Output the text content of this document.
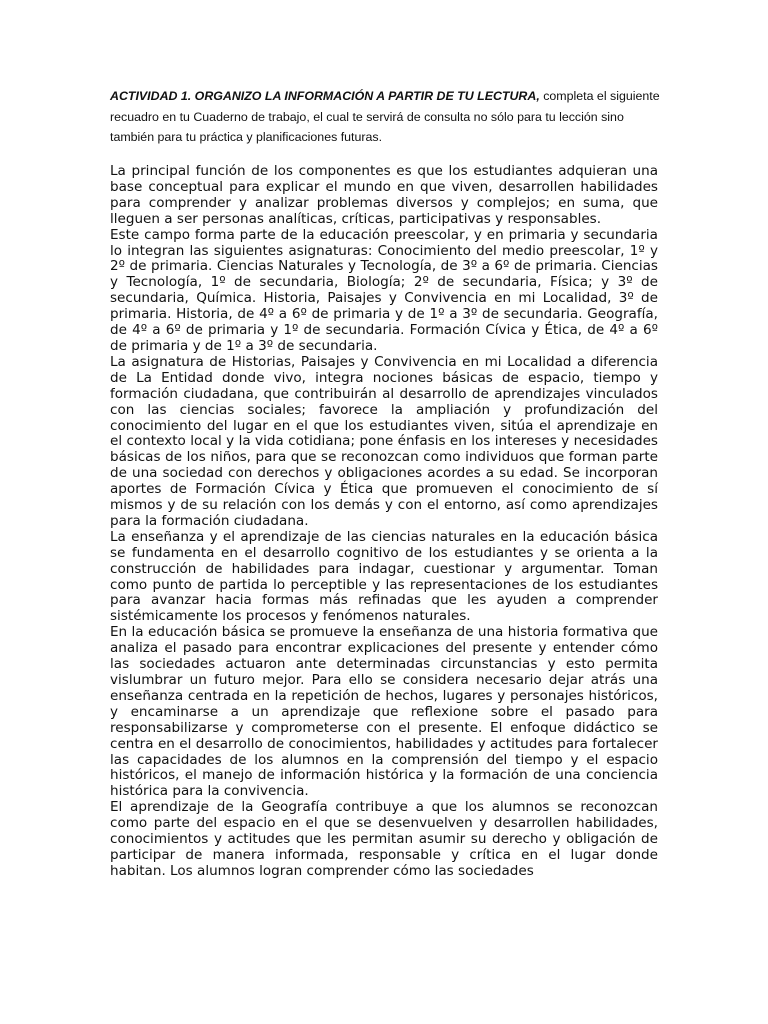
ACTIVIDAD 1. ORGANIZO LA INFORMACIÓN A PARTIR DE TU LECTURA, completa el siguiente recuadro en tu Cuaderno de trabajo, el cual te servirá de consulta no sólo para tu lección sino también para tu práctica y planificaciones futuras.

La principal función de los componentes es que los estudiantes adquieran una base conceptual para explicar el mundo en que viven, desarrollen habilidades para comprender y analizar problemas diversos y complejos; en suma, que lleguen a ser personas analíticas, críticas, participativas y responsables.

Este campo forma parte de la educación preescolar, y en primaria y secundaria lo integran las siguientes asignaturas: Conocimiento del medio preescolar, 1º y 2º de primaria. Ciencias Naturales y Tecnología, de 3º a 6º de primaria. Ciencias y Tecnología, 1º de secundaria, Biología; 2º de secundaria, Física; y 3º de secundaria, Química. Historia, Paisajes y Convivencia en mi Localidad, 3º de primaria. Historia, de 4º a 6º de primaria y de 1º a 3º de secundaria. Geografía, de 4º a 6º de primaria y 1º de secundaria. Formación Cívica y Ética, de 4º a 6º de primaria y de 1º a 3º de secundaria.

La asignatura de Historias, Paisajes y Convivencia en mi Localidad a diferencia de La Entidad donde vivo, integra nociones básicas de espacio, tiempo y formación ciudadana, que contribuirán al desarrollo de aprendizajes vinculados con las ciencias sociales; favorece la ampliación y profundización del conocimiento del lugar en el que los estudiantes viven, sitúa el aprendizaje en el contexto local y la vida cotidiana; pone énfasis en los intereses y necesidades básicas de los niños, para que se reconozcan como individuos que forman parte de una sociedad con derechos y obligaciones acordes a su edad. Se incorporan aportes de Formación Cívica y Ética que promueven el conocimiento de sí mismos y de su relación con los demás y con el entorno, así como aprendizajes para la formación ciudadana.

La enseñanza y el aprendizaje de las ciencias naturales en la educación básica se fundamenta en el desarrollo cognitivo de los estudiantes y se orienta a la construcción de habilidades para indagar, cuestionar y argumentar. Toman como punto de partida lo perceptible y las representaciones de los estudiantes para avanzar hacia formas más refinadas que les ayuden a comprender sistémicamente los procesos y fenómenos naturales.

En la educación básica se promueve la enseñanza de una historia formativa que analiza el pasado para encontrar explicaciones del presente y entender cómo las sociedades actuaron ante determinadas circunstancias y esto permita vislumbrar un futuro mejor. Para ello se considera necesario dejar atrás una enseñanza centrada en la repetición de hechos, lugares y personajes históricos, y encaminarse a un aprendizaje que reflexione sobre el pasado para responsabilizarse y comprometerse con el presente. El enfoque didáctico se centra en el desarrollo de conocimientos, habilidades y actitudes para fortalecer las capacidades de los alumnos en la comprensión del tiempo y el espacio históricos, el manejo de información histórica y la formación de una conciencia histórica para la convivencia.

El aprendizaje de la Geografía contribuye a que los alumnos se reconozcan como parte del espacio en el que se desenvuelven y desarrollen habilidades, conocimientos y actitudes que les permitan asumir su derecho y obligación de participar de manera informada, responsable y crítica en el lugar donde habitan. Los alumnos logran comprender cómo las sociedades
